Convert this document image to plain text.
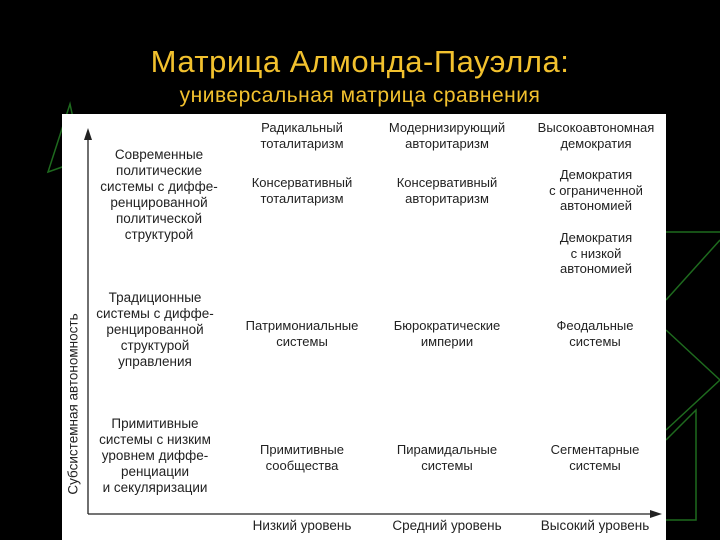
Матрица Алмонда-Пауэлла:
универсальная матрица сравнения
Субсистемная автономность
Низкий уровень	Средний уровень	Высокий уровень
Современные
политические
системы с диффе-
ренцированной
политической
структурой
Радикальный
тоталитаризм
Модернизирующий
авторитаризм
Высокоавтономная
демократия
Консервативный
тоталитаризм
Консервативный
авторитаризм
Демократия
с ограниченной
автономией
Демократия
с низкой
автономией
Традиционные
системы с диффе-
ренцированной
структурой
управления
Патримониальные
системы
Бюрократические
империи
Феодальные
системы
Примитивные
системы с низким
уровнем диффе-
ренциации
и секуляризации
Примитивные
сообщества
Пирамидальные
системы
Сегментарные
системы
